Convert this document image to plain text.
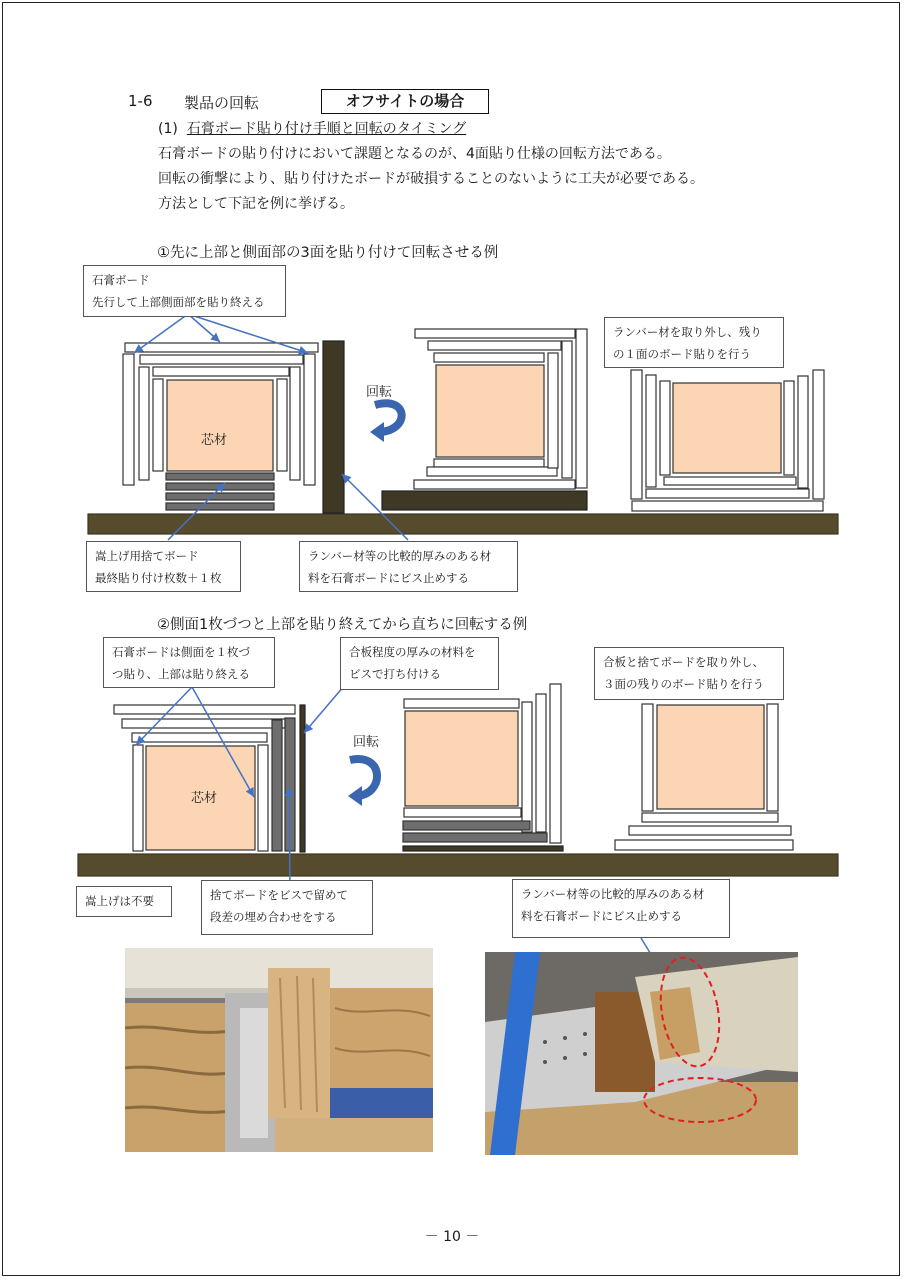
1-6 製品の回転	オフサイトの場合
(1) 石膏ボード貼り付け手順と回転のタイミング
石膏ボードの貼り付けにおいて課題となるのが、4面貼り仕様の回転方法である。
回転の衝撃により、貼り付けたボードが破損することのないように工夫が必要である。
方法として下記を例に挙げる。
①先に上部と側面部の3面を貼り付けて回転させる例
②側面1枚づつと上部を貼り終えてから直ちに回転する例
芯材
回転
芯材
回転
石膏ボード
先行して上部側面部を貼り終える
ランバー材を取り外し、残り
の１面のボード貼りを行う
嵩上げ用捨てボード
最終貼り付け枚数＋１枚
ランバー材等の比較的厚みのある材
料を石膏ボードにビス止めする
石膏ボードは側面を１枚づ
つ貼り、上部は貼り終える
合板程度の厚みの材料を
ビスで打ち付ける
合板と捨てボードを取り外し、
３面の残りのボード貼りを行う
嵩上げは不要	捨てボードをビスで留めて
段差の埋め合わせをする
ランバー材等の比較的厚みのある材
料を石膏ボードにビス止めする
－ 10 －
